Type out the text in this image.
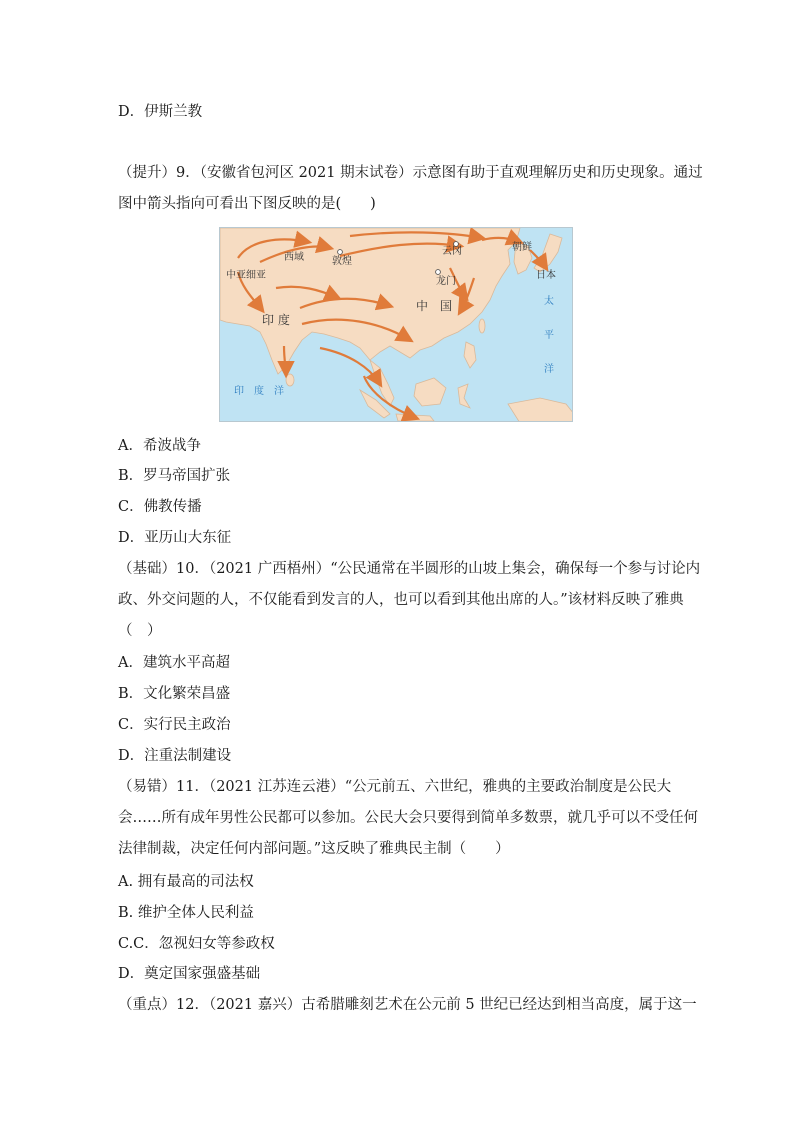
D．伊斯兰教
（提升）9．（安徽省包河区 2021 期末试卷）示意图有助于直观理解历史和历史现象。通过
图中箭头指向可看出下图反映的是(　　)
中亚细亚
西域	敦煌
云冈	朝鲜
龙门
日本
中　国
印 度
印　度　洋
太
平
洋
A．希波战争
B．罗马帝国扩张
C．佛教传播
D．亚历山大东征
（基础）10．（2021 广西梧州）“公民通常在半圆形的山坡上集会，确保每一个参与讨论内
政、外交问题的人，不仅能看到发言的人，也可以看到其他出席的人。”该材料反映了雅典
（　）
A．建筑水平高超
B．文化繁荣昌盛
C．实行民主政治
D．注重法制建设
（易错）11．（2021 江苏连云港）“公元前五、六世纪，雅典的主要政治制度是公民大
会……所有成年男性公民都可以参加。公民大会只要得到简单多数票，就几乎可以不受任何
法律制裁，决定任何内部问题。”这反映了雅典民主制（　　）
A. 拥有最高的司法权
B. 维护全体人民利益
C.C．忽视妇女等参政权
D．奠定国家强盛基础
（重点）12．（2021 嘉兴）古希腊雕刻艺术在公元前 5 世纪已经达到相当高度，属于这一
